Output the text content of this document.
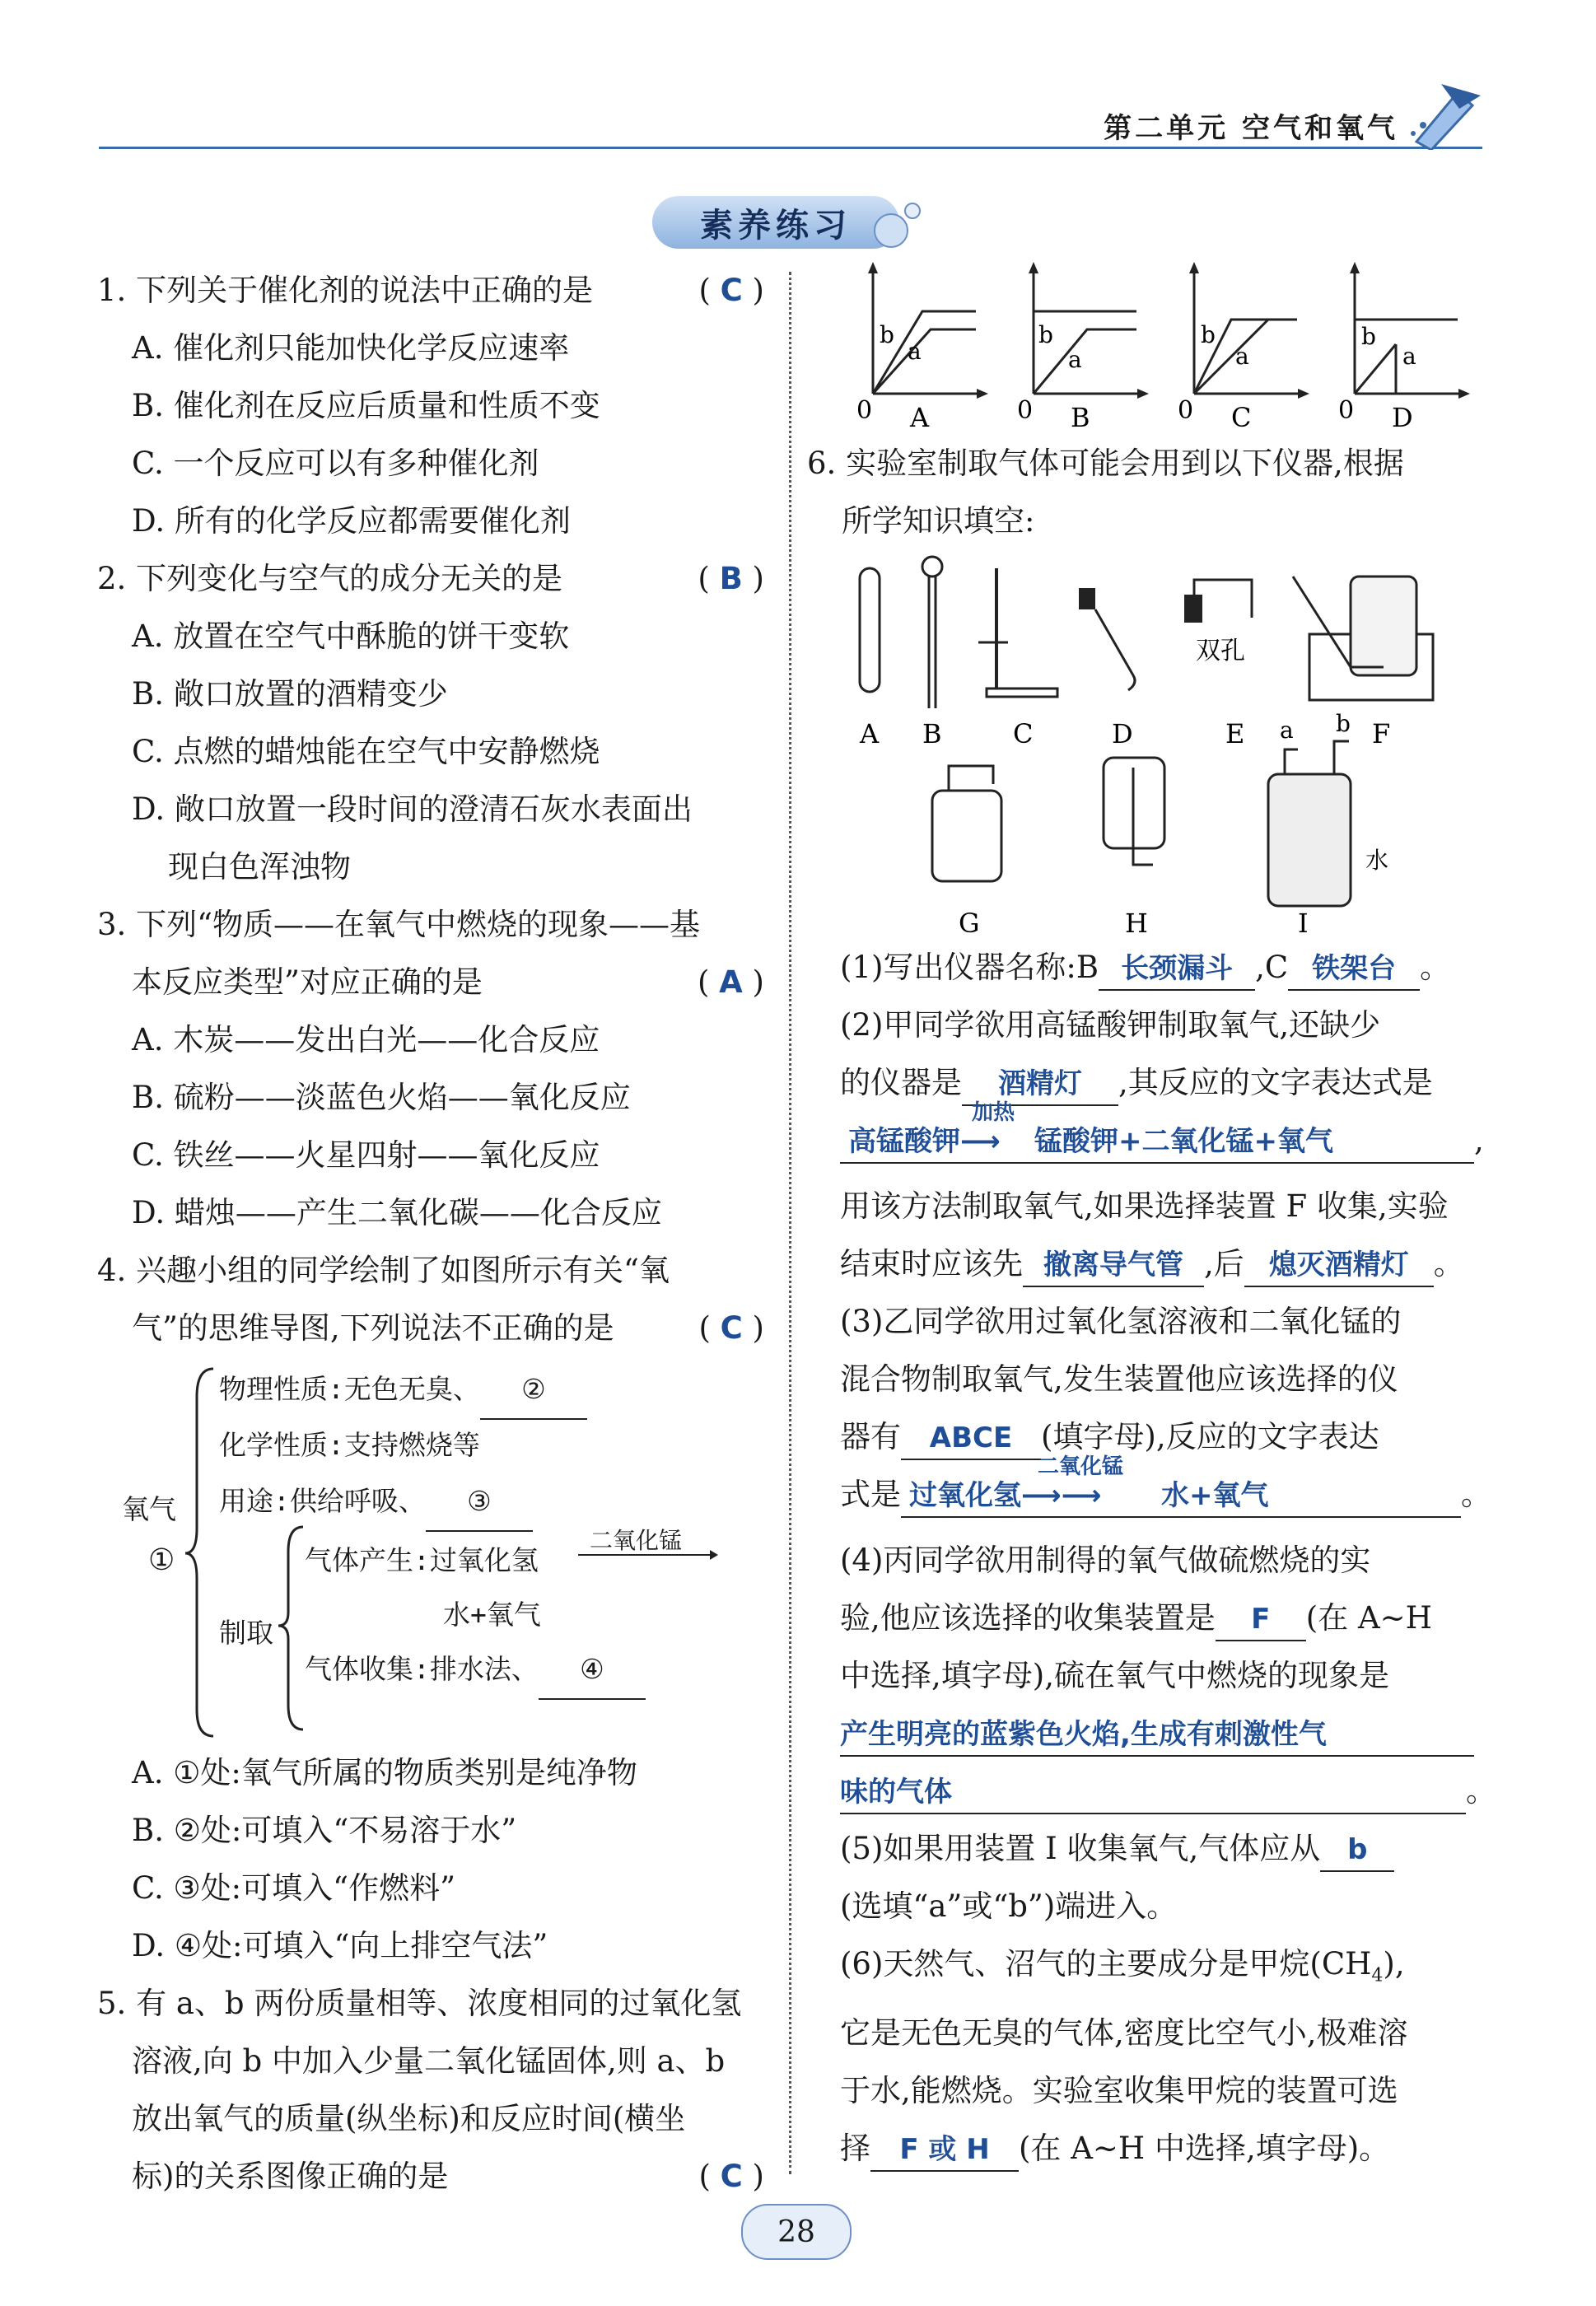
第二单元 空气和氧气
素养练习
1. 下列关于催化剂的说法中正确的是	( C )
A. 催化剂只能加快化学反应速率
B. 催化剂在反应后质量和性质不变
C. 一个反应可以有多种催化剂
D. 所有的化学反应都需要催化剂
2. 下列变化与空气的成分无关的是	( B )
A. 放置在空气中酥脆的饼干变软
B. 敞口放置的酒精变少
C. 点燃的蜡烛能在空气中安静燃烧
D. 敞口放置一段时间的澄清石灰水表面出
现白色浑浊物
3. 下列“物质——在氧气中燃烧的现象——基
本反应类型”对应正确的是	( A )
A. 木炭——发出白光——化合反应
B. 硫粉——淡蓝色火焰——氧化反应
C. 铁丝——火星四射——氧化反应
D. 蜡烛——产生二氧化碳——化合反应
4. 兴趣小组的同学绘制了如图所示有关“氧
气”的思维导图,下列说法不正确的是	( C )
氧气
①
物理性质:无色无臭、 ②
化学性质:支持燃烧等
用途:供给呼吸、 ③
制取
气体产生:过氧化氢
二氧化锰
水+氧气
气体收集:排水法、 ④
A. ①处:氧气所属的物质类别是纯净物
B. ②处:可填入“不易溶于水”
C. ③处:可填入“作燃料”
D. ④处:可填入“向上排空气法”
5. 有 a、b 两份质量相等、浓度相同的过氧化氢
溶液,向 b 中加入少量二氧化锰固体,则 a、b
放出氧气的质量(纵坐标)和反应时间(横坐
标)的关系图像正确的是	( C )
b
a
0 A
b
a
0 B
b
a
0 C
b
a
0 D
6. 实验室制取气体可能会用到以下仪器,根据
所学知识填空:
双孔
a b
水
A B	C	D	E	F
G	H	I
(1)写出仪器名称:B 长颈漏斗 ,C 铁架台 。
(2)甲同学欲用高锰酸钾制取氧气,还缺少
的仪器是 酒精灯 ,其反应的文字表达式是
高锰酸钾
加热
⟶ 锰酸钾+二氧化锰+氧气	,
用该方法制取氧气,如果选择装置 F 收集,实验
结束时应该先 撤离导气管 ,后 熄灭酒精灯 。
(3)乙同学欲用过氧化氢溶液和二氧化锰的
混合物制取氧气,发生装置他应该选择的仪
器有 ABCE (填字母),反应的文字表达
式是 过氧化氢
二氧化锰
⟶⟶ 水+氧气	。
(4)丙同学欲用制得的氧气做硫燃烧的实
验,他应该选择的收集装置是 F (在 A~H
中选择,填字母),硫在氧气中燃烧的现象是
产生明亮的蓝紫色火焰,生成有刺激性气
味的气体	。
(5)如果用装置 I 收集氧气,气体应从 b
(选填“a”或“b”)端进入。
(6)天然气、沼气的主要成分是甲烷$(CH_4)$,
它是无色无臭的气体,密度比空气小,极难溶
于水,能燃烧。实验室收集甲烷的装置可选
择 F 或 H (在 A~H 中选择,填字母)。
28
